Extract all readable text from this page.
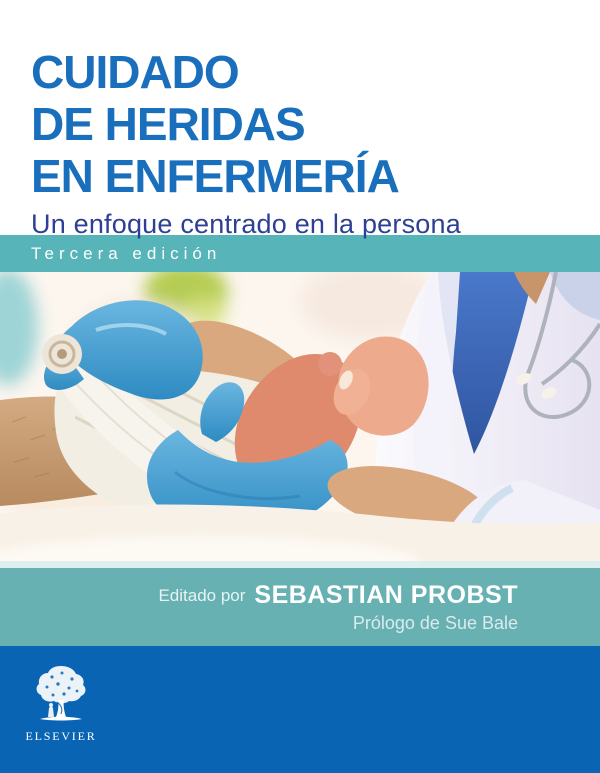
CUIDADO
DE HERIDAS
EN ENFERMERÍA
Un enfoque centrado en la persona
Tercera edición
Editado por SEBASTIAN PROBST
Prólogo de Sue Bale
ELSEVIER
